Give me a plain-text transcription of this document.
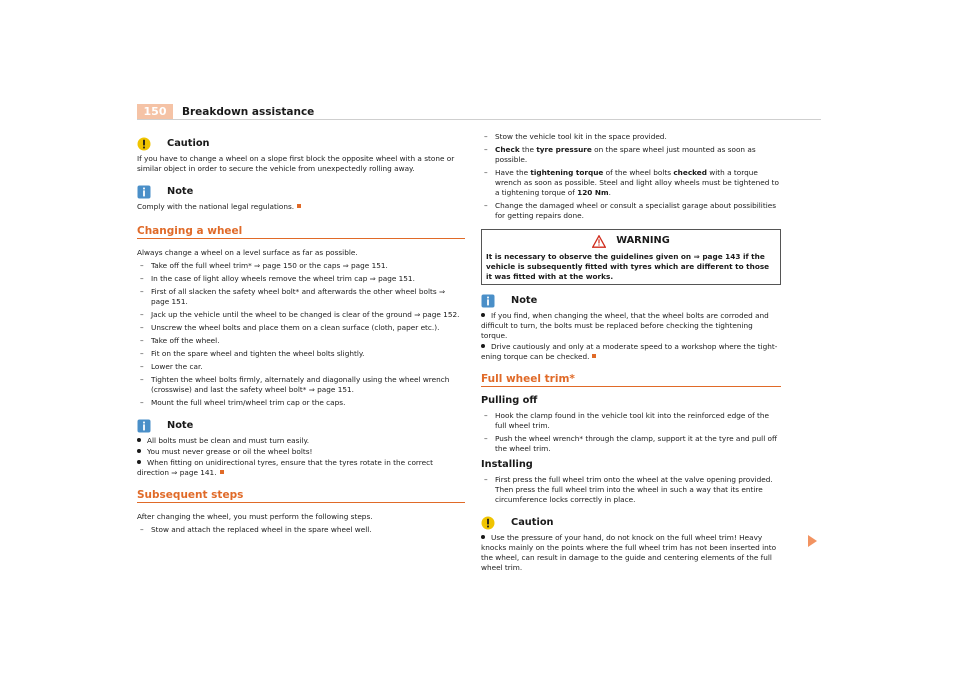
150	Breakdown assistance
Caution

If you have to change a wheel on a slope first block the opposite wheel with a stone or similar object in order to secure the vehicle from unexpectedly rolling away.

Note

Comply with the national legal regulations.

Changing a wheel

Always change a wheel on a level surface as far as possible.

– Take off the full wheel trim* ⇒ page 150 or the caps ⇒ page 151.
– In the case of light alloy wheels remove the wheel trim cap ⇒ page 151.
– First of all slacken the safety wheel bolt* and afterwards the other wheel bolts ⇒ page 151.
– Jack up the vehicle until the wheel to be changed is clear of the ground ⇒ page 152.
– Unscrew the wheel bolts and place them on a clean surface (cloth, paper etc.).
– Take off the wheel.
– Fit on the spare wheel and tighten the wheel bolts slightly.
– Lower the car.
– Tighten the wheel bolts firmly, alternately and diagonally using the wheel wrench (crosswise) and last the safety wheel bolt* ⇒ page 151.
– Mount the full wheel trim/wheel trim cap or the caps.
Note

All bolts must be clean and must turn easily.

You must never grease or oil the wheel bolts!

When fitting on unidirectional tyres, ensure that the tyres rotate in the correct direction ⇒ page 141.

Subsequent steps

After changing the wheel, you must perform the following steps.

– Stow and attach the replaced wheel in the spare wheel well.
– Stow the vehicle tool kit in the space provided.
– Check the tyre pressure on the spare wheel just mounted as soon as possible.
– Have the tightening torque of the wheel bolts checked with a torque wrench as soon as possible. Steel and light alloy wheels must be tightened to a tightening torque of 120 Nm.
– Change the damaged wheel or consult a specialist garage about possibilities for getting repairs done.
WARNING
It is necessary to observe the guidelines given on ⇒ page 143 if the vehicle is subsequently fitted with tyres which are different to those it was fitted with at the works.
Note

If you find, when changing the wheel, that the wheel bolts are corroded and difficult to turn, the bolts must be replaced before checking the tightening torque.

Drive cautiously and only at a moderate speed to a workshop where the tight-ening torque can be checked.

Full wheel trim*
Pulling off
– Hook the clamp found in the vehicle tool kit into the reinforced edge of the full wheel trim.
– Push the wheel wrench* through the clamp, support it at the tyre and pull off the wheel trim.
Installing
– First press the full wheel trim onto the wheel at the valve opening provided. Then press the full wheel trim into the wheel in such a way that its entire circumference locks correctly in place.
Caution

Use the pressure of your hand, do not knock on the full wheel trim! Heavy knocks mainly on the points where the full wheel trim has not been inserted into the wheel, can result in damage to the guide and centering elements of the full wheel trim.
